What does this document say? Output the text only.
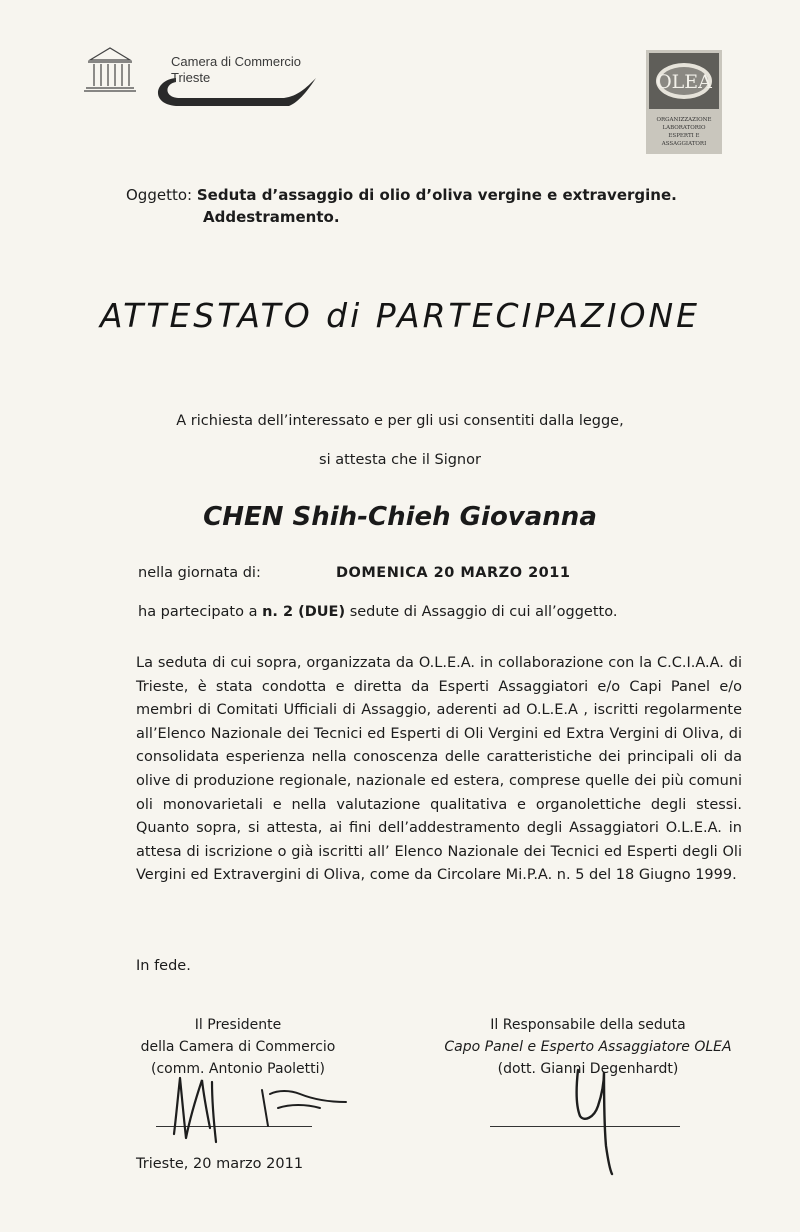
Camera di Commercio
Trieste	OLEA
ORGANIZZAZIONE
LABORATORIO
ESPERTI E
ASSAGGIATORI
Oggetto: Seduta d’assaggio di olio d’oliva vergine e extravergine.
Addestramento.
ATTESTATO di PARTECIPAZIONE
A richiesta dell’interessato e per gli usi consentiti dalla legge,
si attesta che il Signor
CHEN Shih-Chieh Giovanna
nella giornata di:	DOMENICA 20 MARZO 2011
ha partecipato a n. 2 (DUE) sedute di Assaggio di cui all’oggetto.
La seduta di cui sopra, organizzata da O.L.E.A. in collaborazione con la C.C.I.A.A. di Trieste, è stata condotta e diretta da Esperti Assaggiatori e/o Capi Panel e/o membri di Comitati Ufficiali di Assaggio, aderenti ad O.L.E.A , iscritti regolarmente all’Elenco Nazionale dei Tecnici ed Esperti di Oli Vergini ed Extra Vergini di Oliva, di consolidata esperienza nella conoscenza delle caratteristiche dei principali oli da olive di produzione regionale, nazionale ed estera, comprese quelle dei più comuni oli monovarietali e nella valutazione qualitativa e organolettiche degli stessi. Quanto sopra, si attesta, ai fini dell’addestramento degli Assaggiatori O.L.E.A. in attesa di iscrizione o già iscritti all’ Elenco Nazionale dei Tecnici ed Esperti degli Oli Vergini ed Extravergini di Oliva, come da Circolare Mi.P.A. n. 5 del 18 Giugno 1999.
In fede.
Il Presidente
della Camera di Commercio
(comm. Antonio Paoletti)
Il Responsabile della seduta
Capo Panel e Esperto Assaggiatore OLEA
(dott. Gianni Degenhardt)
Trieste, 20 marzo 2011
